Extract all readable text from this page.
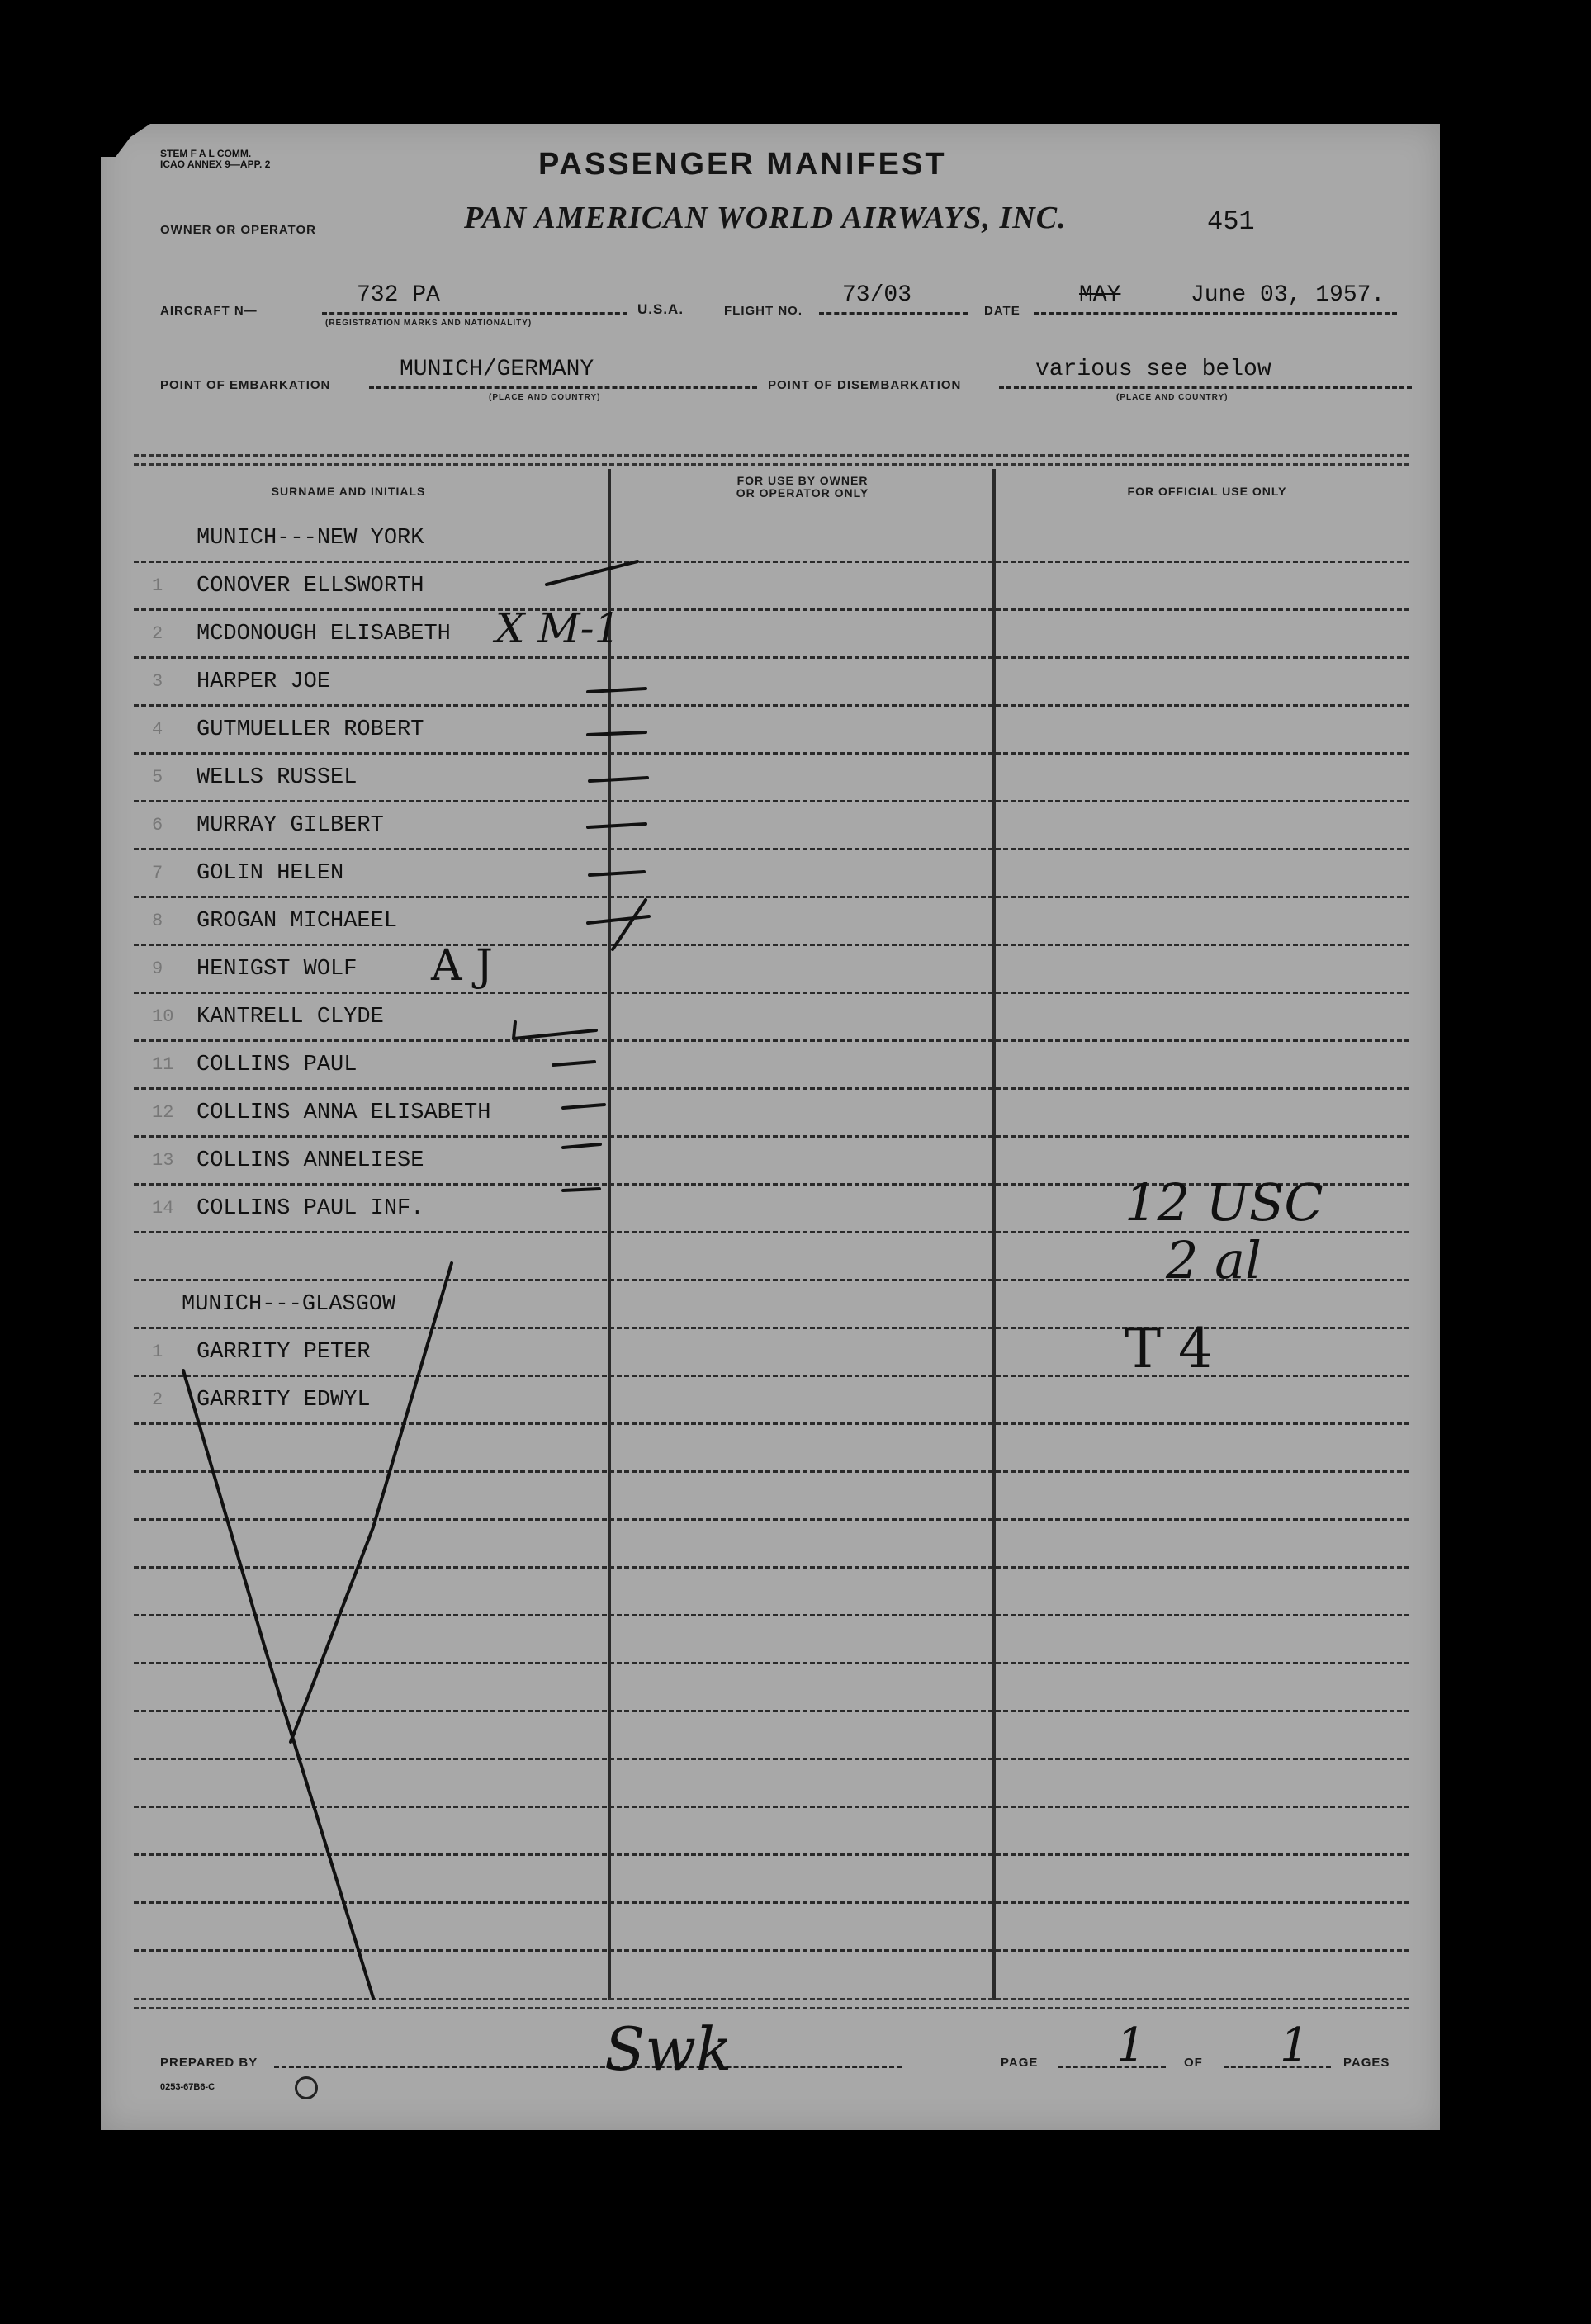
STEM F A L COMM.
ICAO ANNEX 9—APP. 2	PASSENGER MANIFEST
451
OWNER OR OPERATOR	PAN AMERICAN WORLD AIRWAYS, INC.
AIRCRAFT N—
732 PA
(REGISTRATION MARKS AND NATIONALITY)
U.S.A.	FLIGHT NO.
73/03
DATE
MAY	June 03, 1957.
POINT OF EMBARKATION
MUNICH/GERMANY
(PLACE AND COUNTRY)
POINT OF DISEMBARKATION
various see below
(PLACE AND COUNTRY)
SURNAME AND INITIALS
FOR USE BY OWNER
OR OPERATOR ONLY	FOR OFFICIAL USE ONLY
MUNICH---NEW YORK
1 CONOVER ELLSWORTH
2 MCDONOUGH ELISABETH
3 HARPER JOE
4 GUTMUELLER ROBERT
5 WELLS RUSSEL
6 MURRAY GILBERT
7 GOLIN HELEN
8 GROGAN MICHAEEL
9 HENIGST WOLF
10 KANTRELL CLYDE
11 COLLINS PAUL
12 COLLINS ANNA ELISABETH
13 COLLINS ANNELIESE
14 COLLINS PAUL INF.
MUNICH---GLASGOW
1 GARRITY PETER
2 GARRITY EDWYL
PREPARED BY
0253-67B6-C
PAGE 1	OF 1	PAGES
X M-1
A J
12 USC
2 al
T 4
Swk
